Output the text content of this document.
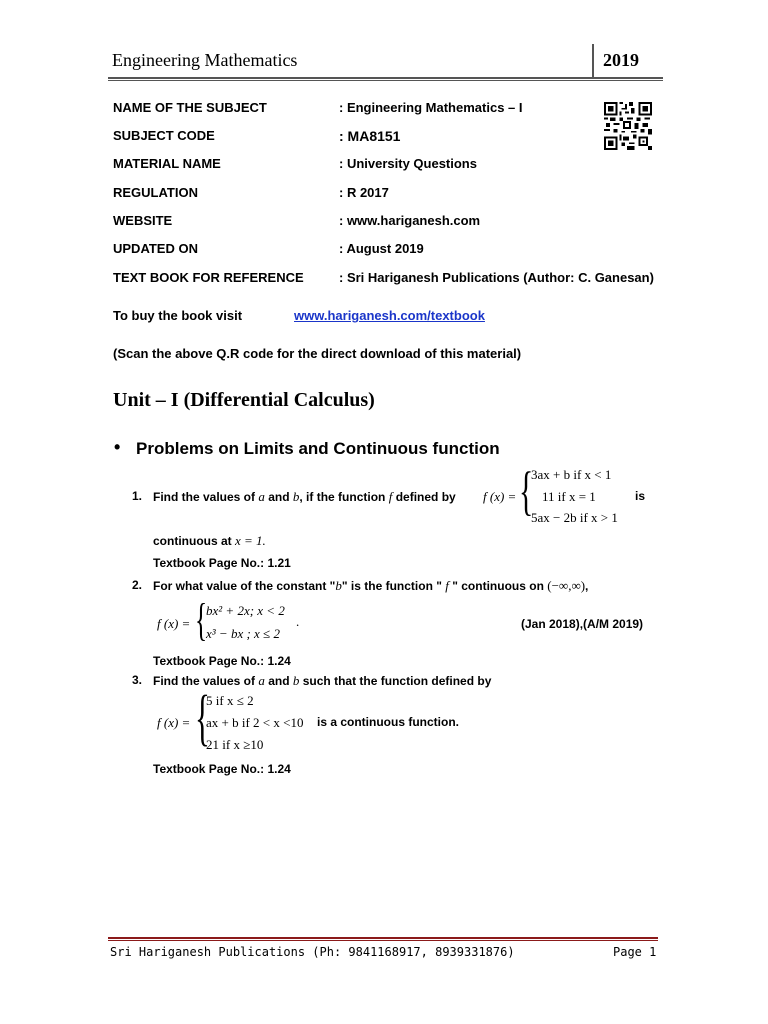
Engineering Mathematics	2019
NAME OF THE SUBJECT	: Engineering Mathematics – I
SUBJECT CODE	: MA8151
MATERIAL NAME	: University Questions
REGULATION	: R 2017
WEBSITE	: www.hariganesh.com
UPDATED ON	: August 2019
TEXT BOOK FOR REFERENCE	: Sri Hariganesh Publications (Author: C. Ganesan)
To buy the book visit	www.hariganesh.com/textbook
(Scan the above Q.R code for the direct download of this material)
Unit – I (Differential Calculus)
• Problems on Limits and Continuous function
1. Find the values of a and b, if the function f defined by f (x) = {
3ax + b if x < 1
11 if x = 1
5ax − 2b if x > 1
is
continuous at x = 1.
Textbook Page No.: 1.21
2. For what value of the constant "b" is the function " f " continuous on (−∞,∞),
f (x) = {
bx² + 2x; x < 2
x³ − bx ; x ≤ 2
.	(Jan 2018),(A/M 2019)
Textbook Page No.: 1.24
3. Find the values of a and b such that the function defined by
f (x) = {
5 if x ≤ 2
ax + b if 2 < x <10
21 if x ≥10
is a continuous function.
Textbook Page No.: 1.24
Sri Hariganesh Publications (Ph: 9841168917, 8939331876)	Page 1
